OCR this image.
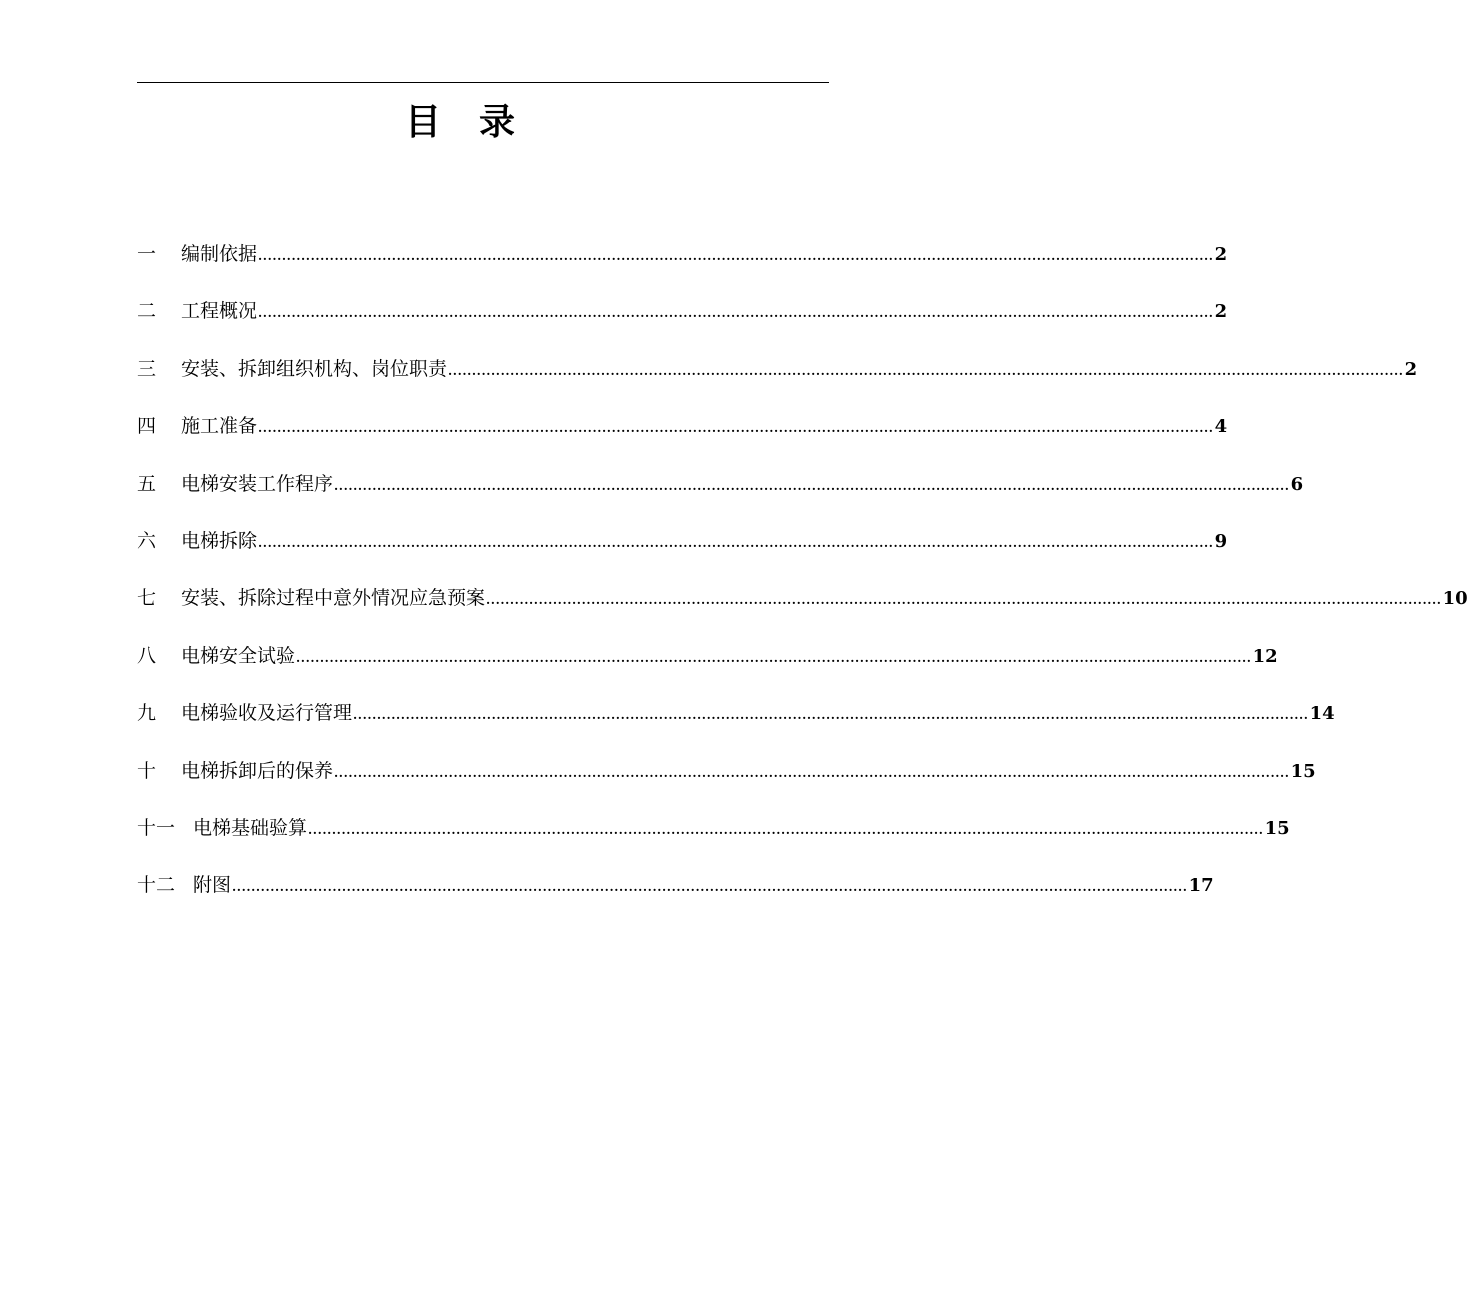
目 录
一	编制依据 ........................................................................................................................................................................................................ 2
二	工程概况 ........................................................................................................................................................................................................ 2
三	安装、拆卸组织机构、岗位职责 ........................................................................................................................................................................................................ 2
四	施工准备 ........................................................................................................................................................................................................ 4
五	电梯安装工作程序 ........................................................................................................................................................................................................ 6
六	电梯拆除 ........................................................................................................................................................................................................ 9
七	安装、拆除过程中意外情况应急预案 ........................................................................................................................................................................................................ 10
八	电梯安全试验 ........................................................................................................................................................................................................ 12
九	电梯验收及运行管理 ........................................................................................................................................................................................................ 14
十	电梯拆卸后的保养 ........................................................................................................................................................................................................ 15
十一 电梯基础验算 ........................................................................................................................................................................................................ 15
十二 附图 ........................................................................................................................................................................................................ 17
